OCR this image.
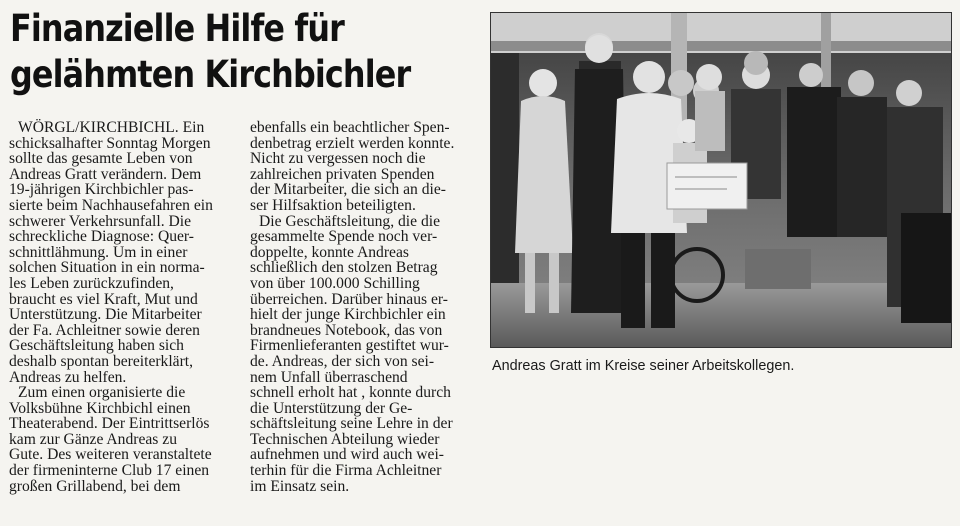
Finanzielle Hilfe für
gelähmten Kirchbichler

WÖRGL/KIRCHBICHL. Ein
schicksalhafter Sonntag Morgen
sollte das gesamte Leben von
Andreas Gratt verändern. Dem
19-jährigen Kirchbichler pas-
sierte beim Nachhausefahren ein
schwerer Verkehrsunfall. Die
schreckliche Diagnose: Quer-
schnittlähmung. Um in einer
solchen Situation in ein norma-
les Leben zurückzufinden,
braucht es viel Kraft, Mut und
Unterstützung. Die Mitarbeiter
der Fa. Achleitner sowie deren
Geschäftsleitung haben sich
deshalb spontan bereiterklärt,
Andreas zu helfen.

Zum einen organisierte die
Volksbühne Kirchbichl einen
Theaterabend. Der Eintrittserlös
kam zur Gänze Andreas zu
Gute. Des weiteren veranstaltete
der firmeninterne Club 17 einen
großen Grillabend, bei dem

ebenfalls ein beachtlicher Spen-
denbetrag erzielt werden konnte.
Nicht zu vergessen noch die
zahlreichen privaten Spenden
der Mitarbeiter, die sich an die-
ser Hilfsaktion beteiligten.

Die Geschäftsleitung, die die
gesammelte Spende noch ver-
doppelte, konnte Andreas
schließlich den stolzen Betrag
von über 100.000 Schilling
überreichen. Darüber hinaus er-
hielt der junge Kirchbichler ein
brandneues Notebook, das von
Firmenlieferanten gestiftet wur-
de. Andreas, der sich von sei-
nem Unfall überraschend
schnell erholt hat , konnte durch
die Unterstützung der Ge-
schäftsleitung seine Lehre in der
Technischen Abteilung wieder
aufnehmen und wird auch wei-
terhin für die Firma Achleitner
im Einsatz sein.

Andreas Gratt im Kreise seiner Arbeitskollegen.
